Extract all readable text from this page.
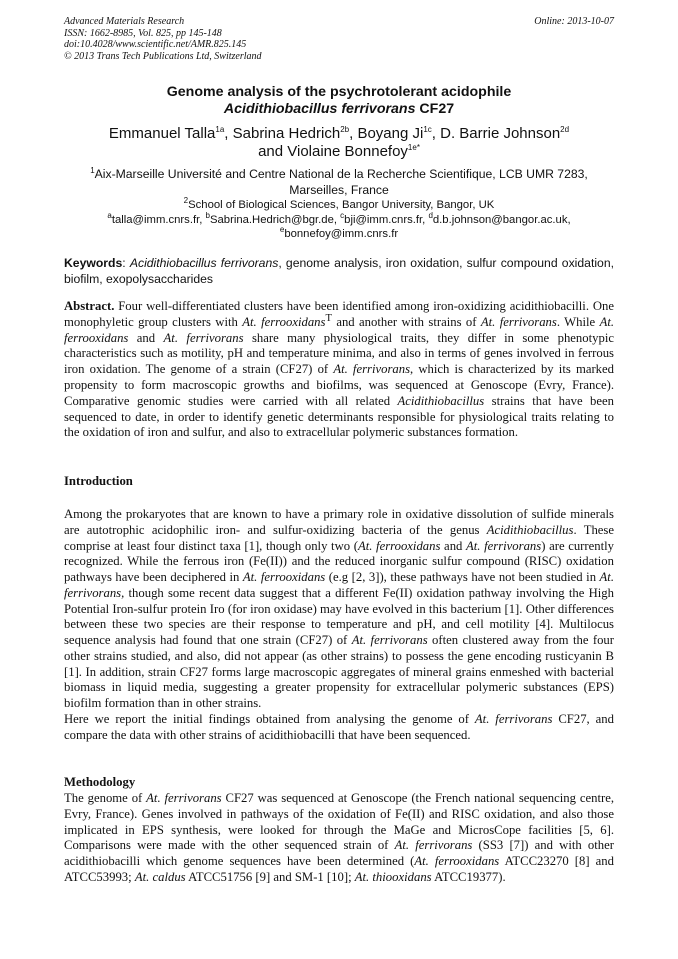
Advanced Materials Research
ISSN: 1662-8985, Vol. 825, pp 145-148
doi:10.4028/www.scientific.net/AMR.825.145
© 2013 Trans Tech Publications Ltd, Switzerland
Online: 2013-10-07
Genome analysis of the psychrotolerant acidophile
Acidithiobacillus ferrivorans CF27
Emmanuel Talla$^{1a}$, Sabrina Hedrich$^{2b}$, Boyang $Ji^{1c}$, D. Barrie Johnson$^{2d}$
and Violaine Bonnefoy$^{1e*}$
$^1$Aix-Marseille Université and Centre National de la Recherche Scientifique, LCB UMR 7283, Marseilles, France
$^2$School of Biological Sciences, Bangor University, Bangor, UK
$^a$talla@imm.cnrs.fr, $^b$Sabrina.Hedrich@bgr.de, $^c$bji@imm.cnrs.fr, $^d$d.b.johnson@bangor.ac.uk,
$^e$bonnefoy@imm.cnrs.fr
Keywords: Acidithiobacillus ferrivorans, genome analysis, iron oxidation, sulfur compound oxidation, biofilm, exopolysaccharides
Abstract. Four well-differentiated clusters have been identified among iron-oxidizing acidithiobacilli. One monophyletic group clusters with At. ferrooxidans$^T$ and another with strains of At. ferrivorans. While At. ferrooxidans and At. ferrivorans share many physiological traits, they differ in some phenotypic characteristics such as motility, pH and temperature minima, and also in terms of genes involved in ferrous iron oxidation. The genome of a strain (CF27) of At. ferrivorans, which is characterized by its marked propensity to form macroscopic growths and biofilms, was sequenced at Genoscope (Evry, France). Comparative genomic studies were carried with all related Acidithiobacillus strains that have been sequenced to date, in order to identify genetic determinants responsible for physiological traits relating to the oxidation of iron and sulfur, and also to extracellular polymeric substances formation.
Introduction

Among the prokaryotes that are known to have a primary role in oxidative dissolution of sulfide minerals are autotrophic acidophilic iron- and sulfur-oxidizing bacteria of the genus Acidithiobacillus. These comprise at least four distinct taxa [1], though only two (At. ferrooxidans and At. ferrivorans) are currently recognized. While the ferrous iron (Fe(II)) and the reduced inorganic sulfur compound (RISC) oxidation pathways have been deciphered in At. ferrooxidans (e.g [2, 3]), these pathways have not been studied in At. ferrivorans, though some recent data suggest that a different Fe(II) oxidation pathway involving the High Potential Iron-sulfur protein Iro (for iron oxidase) may have evolved in this bacterium [1]. Other differences between these two species are their response to temperature and pH, and cell motility [4]. Multilocus sequence analysis had found that one strain (CF27) of At. ferrivorans often clustered away from the four other strains studied, and also, did not appear (as other strains) to possess the gene encoding rusticyanin B [1]. In addition, strain CF27 forms large macroscopic aggregates of mineral grains enmeshed with bacterial biomass in liquid media, suggesting a greater propensity for extracellular polymeric substances (EPS) biofilm formation than in other strains.

Here we report the initial findings obtained from analysing the genome of At. ferrivorans CF27, and compare the data with other strains of acidithiobacilli that have been sequenced.

Methodology

The genome of At. ferrivorans CF27 was sequenced at Genoscope (the French national sequencing centre, Evry, France). Genes involved in pathways of the oxidation of Fe(II) and RISC oxidation, and also those implicated in EPS synthesis, were looked for through the MaGe and MicrosCope facilities [5, 6]. Comparisons were made with the other sequenced strain of At. ferrivorans (SS3 [7]) and with other acidithiobacilli which genome sequences have been determined (At. ferrooxidans ATCC23270 [8] and ATCC53993; At. caldus ATCC51756 [9] and SM-1 [10]; At. thiooxidans ATCC19377).
